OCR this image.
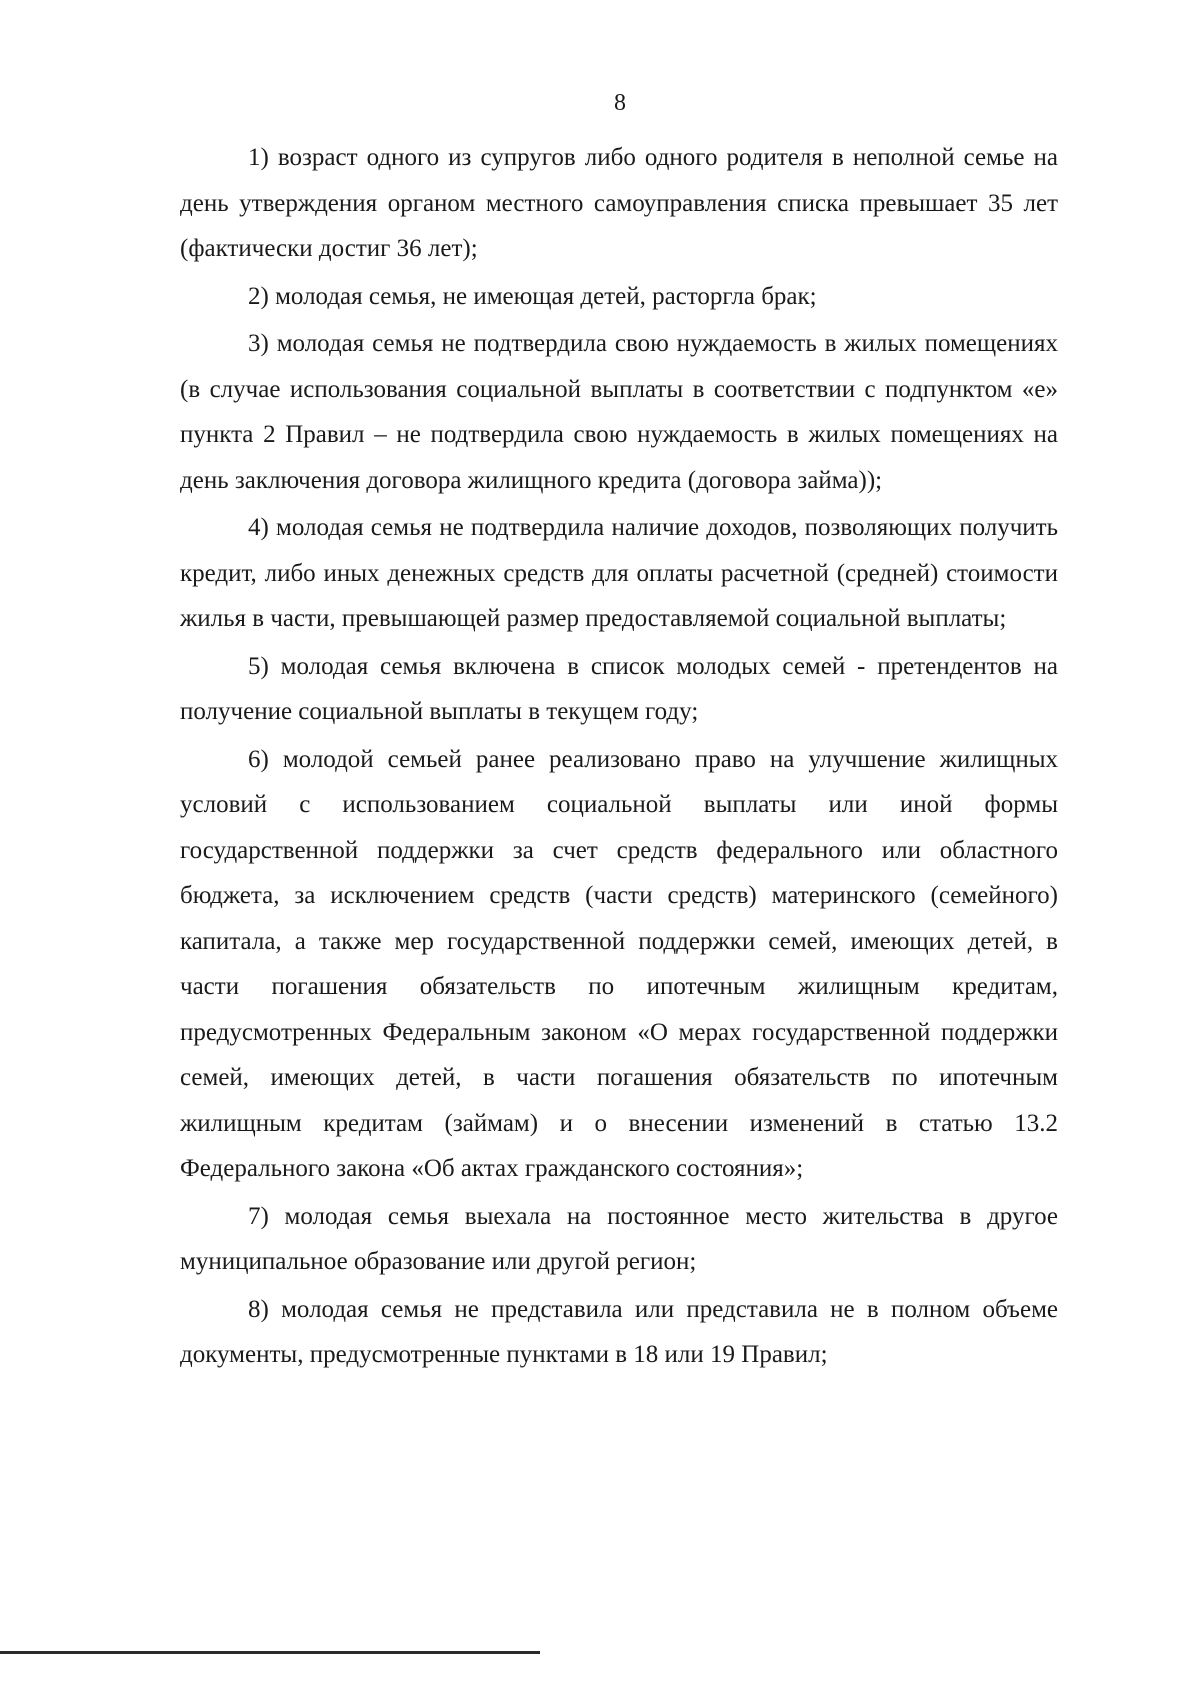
8

1) возраст одного из супругов либо одного родителя в неполной семье на день утверждения органом местного самоуправления списка превышает 35 лет (фактически достиг 36 лет);

2) молодая семья, не имеющая детей, расторгла брак;

3) молодая семья не подтвердила свою нуждаемость в жилых помещениях (в случае использования социальной выплаты в соответствии с подпунктом «е» пункта 2 Правил – не подтвердила свою нуждаемость в жилых помещениях на день заключения договора жилищного кредита (договора займа));

4) молодая семья не подтвердила наличие доходов, позволяющих получить кредит, либо иных денежных средств для оплаты расчетной (средней) стоимости жилья в части, превышающей размер предоставляемой социальной выплаты;

5) молодая семья включена в список молодых семей - претендентов на получение социальной выплаты в текущем году;

6) молодой семьей ранее реализовано право на улучшение жилищных условий с использованием социальной выплаты или иной формы государственной поддержки за счет средств федерального или областного бюджета, за исключением средств (части средств) материнского (семейного) капитала, а также мер государственной поддержки семей, имеющих детей, в части погашения обязательств по ипотечным жилищным кредитам, предусмотренных Федеральным законом «О мерах государственной поддержки семей, имеющих детей, в части погашения обязательств по ипотечным жилищным кредитам (займам) и о внесении изменений в статью 13.2 Федерального закона «Об актах гражданского состояния»;

7) молодая семья выехала на постоянное место жительства в другое муниципальное образование или другой регион;

8) молодая семья не представила или представила не в полном объеме документы, предусмотренные пунктами в 18 или 19 Правил;
